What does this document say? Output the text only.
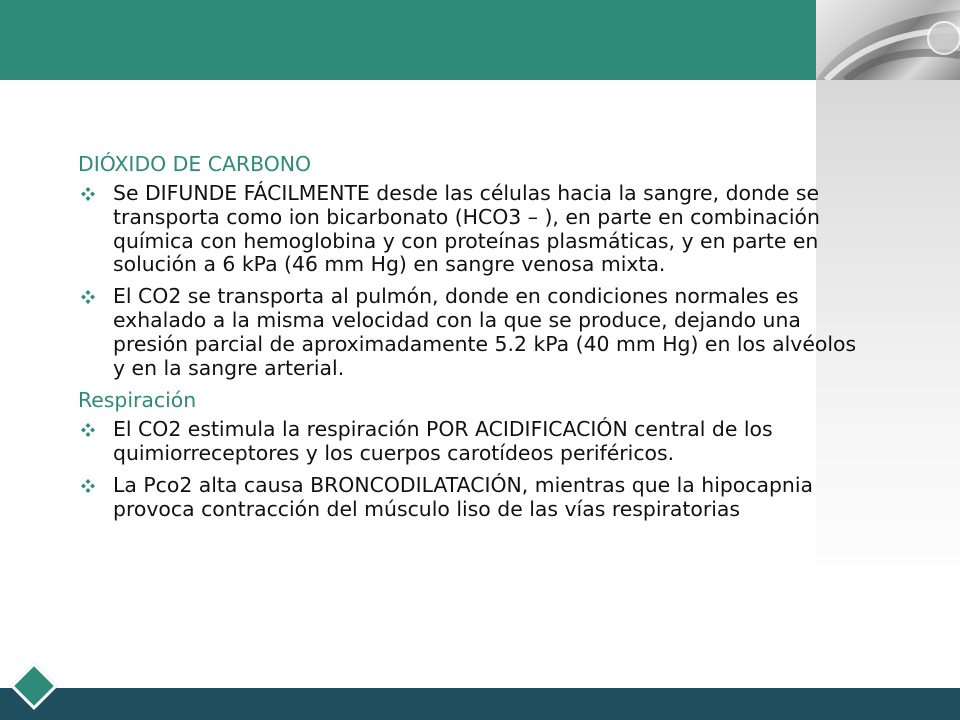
DIÓXIDO DE CARBONO
Se DIFUNDE FÁCILMENTE desde las células hacia la sangre, donde se transporta como ion bicarbonato (HCO3 – ), en parte en combinación química con hemoglobina y con proteínas plasmáticas, y en parte en solución a 6 kPa (46 mm Hg) en sangre venosa mixta.
El CO2 se transporta al pulmón, donde en condiciones normales es exhalado a la misma velocidad con la que se produce, dejando una presión parcial de aproximadamente 5.2 kPa (40 mm Hg) en los alvéolos y en la sangre arterial.
Respiración
El CO2 estimula la respiración POR ACIDIFICACIÓN central de los quimiorreceptores y los cuerpos carotídeos periféricos.
La Pco2 alta causa BRONCODILATACIÓN, mientras que la hipocapnia provoca contracción del músculo liso de las vías respiratorias
